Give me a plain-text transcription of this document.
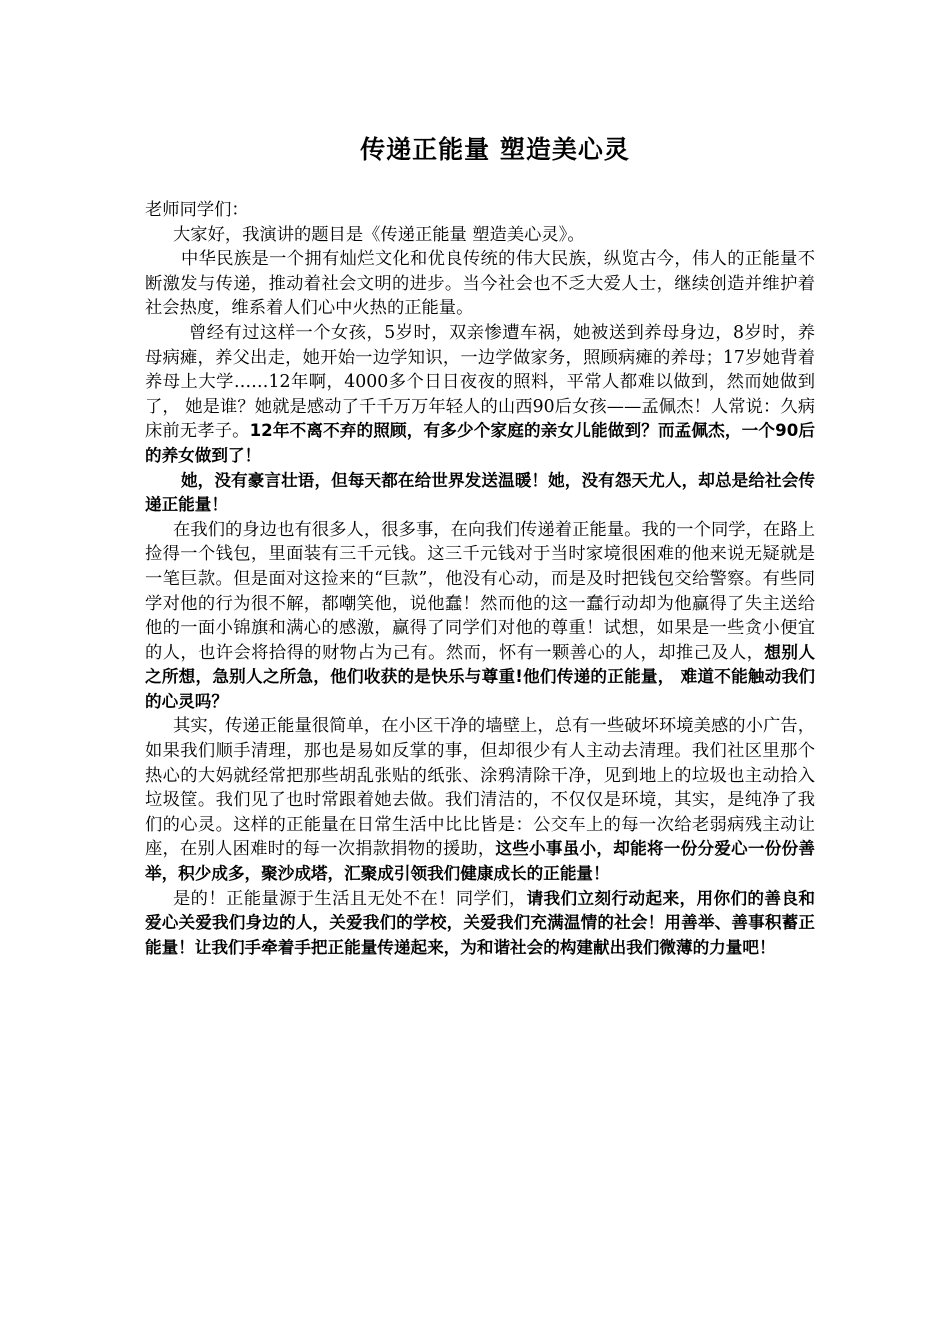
传递正能量 塑造美心灵

老师同学们：

大家好，我演讲的题目是《传递正能量 塑造美心灵》。

中华民族是一个拥有灿烂文化和优良传统的伟大民族，纵览古今，伟人的正能量不断激发与传递，推动着社会文明的进步。当今社会也不乏大爱人士，继续创造并维护着社会热度，维系着人们心中火热的正能量。

曾经有过这样一个女孩，5岁时，双亲惨遭车祸，她被送到养母身边，8岁时，养母病瘫，养父出走，她开始一边学知识，一边学做家务，照顾病瘫的养母；17岁她背着养母上大学……12年啊，4000多个日日夜夜的照料，平常人都难以做到，然而她做到了， 她是谁？她就是感动了千千万万年轻人的山西90后女孩——孟佩杰！人常说：久病床前无孝子。12年不离不弃的照顾，有多少个家庭的亲女儿能做到？而孟佩杰，一个90后的养女做到了！

她，没有豪言壮语，但每天都在给世界发送温暖！她，没有怨天尤人，却总是给社会传递正能量！

在我们的身边也有很多人，很多事，在向我们传递着正能量。我的一个同学，在路上捡得一个钱包，里面装有三千元钱。这三千元钱对于当时家境很困难的他来说无疑就是一笔巨款。但是面对这捡来的“巨款”，他没有心动，而是及时把钱包交给警察。有些同学对他的行为很不解，都嘲笑他，说他蠢！然而他的这一蠢行动却为他赢得了失主送给他的一面小锦旗和满心的感激，赢得了同学们对他的尊重！试想，如果是一些贪小便宜的人，也许会将拾得的财物占为己有。然而，怀有一颗善心的人，却推己及人，想别人之所想，急别人之所急，他们收获的是快乐与尊重!他们传递的正能量， 难道不能触动我们的心灵吗？

其实，传递正能量很简单，在小区干净的墙壁上，总有一些破坏环境美感的小广告，如果我们顺手清理，那也是易如反掌的事，但却很少有人主动去清理。我们社区里那个热心的大妈就经常把那些胡乱张贴的纸张、涂鸦清除干净，见到地上的垃圾也主动拾入垃圾筐。我们见了也时常跟着她去做。我们清洁的，不仅仅是环境，其实，是纯净了我们的心灵。这样的正能量在日常生活中比比皆是：公交车上的每一次给老弱病残主动让座，在别人困难时的每一次捐款捐物的援助，这些小事虽小，却能将一份分爱心一份份善举，积少成多，聚沙成塔，汇聚成引领我们健康成长的正能量！

是的！正能量源于生活且无处不在！同学们，请我们立刻行动起来，用你们的善良和爱心关爱我们身边的人，关爱我们的学校，关爱我们充满温情的社会！用善举、善事积蓄正能量！让我们手牵着手把正能量传递起来，为和谐社会的构建献出我们微薄的力量吧！
